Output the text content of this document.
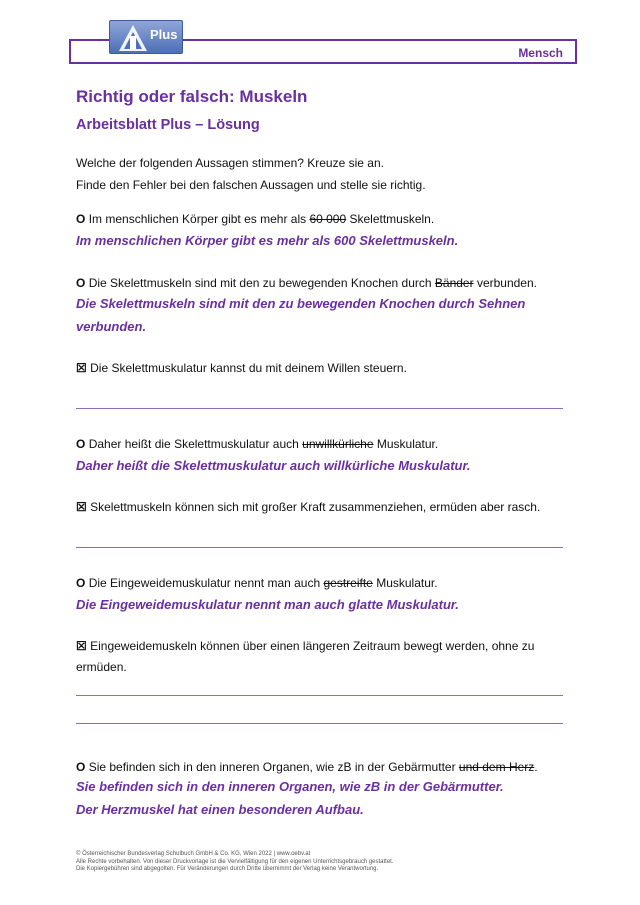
Mensch
Plus
Richtig oder falsch: Muskeln
Arbeitsblatt Plus – Lösung
Welche der folgenden Aussagen stimmen? Kreuze sie an.
Finde den Fehler bei den falschen Aussagen und stelle sie richtig.
O Im menschlichen Körper gibt es mehr als 60 000 Skelettmuskeln.
Im menschlichen Körper gibt es mehr als 600 Skelettmuskeln.
O Die Skelettmuskeln sind mit den zu bewegenden Knochen durch Bänder verbunden.
Die Skelettmuskeln sind mit den zu bewegenden Knochen durch Sehnen verbunden.
☒ Die Skelettmuskulatur kannst du mit deinem Willen steuern.
O Daher heißt die Skelettmuskulatur auch unwillkürliche Muskulatur.
Daher heißt die Skelettmuskulatur auch willkürliche Muskulatur.
☒ Skelettmuskeln können sich mit großer Kraft zusammenziehen, ermüden aber rasch.
O Die Eingeweidemuskulatur nennt man auch gestreifte Muskulatur.
Die Eingeweidemuskulatur nennt man auch glatte Muskulatur.
☒ Eingeweidemuskeln können über einen längeren Zeitraum bewegt werden, ohne zu
ermüden.
O Sie befinden sich in den inneren Organen, wie zB in der Gebärmutter und dem Herz.
Sie befinden sich in den inneren Organen, wie zB in der Gebärmutter.
Der Herzmuskel hat einen besonderen Aufbau.
© Österreichischer Bundesverlag Schulbuch GmbH & Co. KG, Wien 2022 | www.oebv.at
Alle Rechte vorbehalten. Von dieser Druckvorlage ist die Vervielfältigung für den eigenen Unterrichtsgebrauch gestattet.
Die Kopiergebühren sind abgegolten. Für Veränderungen durch Dritte übernimmt der Verlag keine Verantwortung.
